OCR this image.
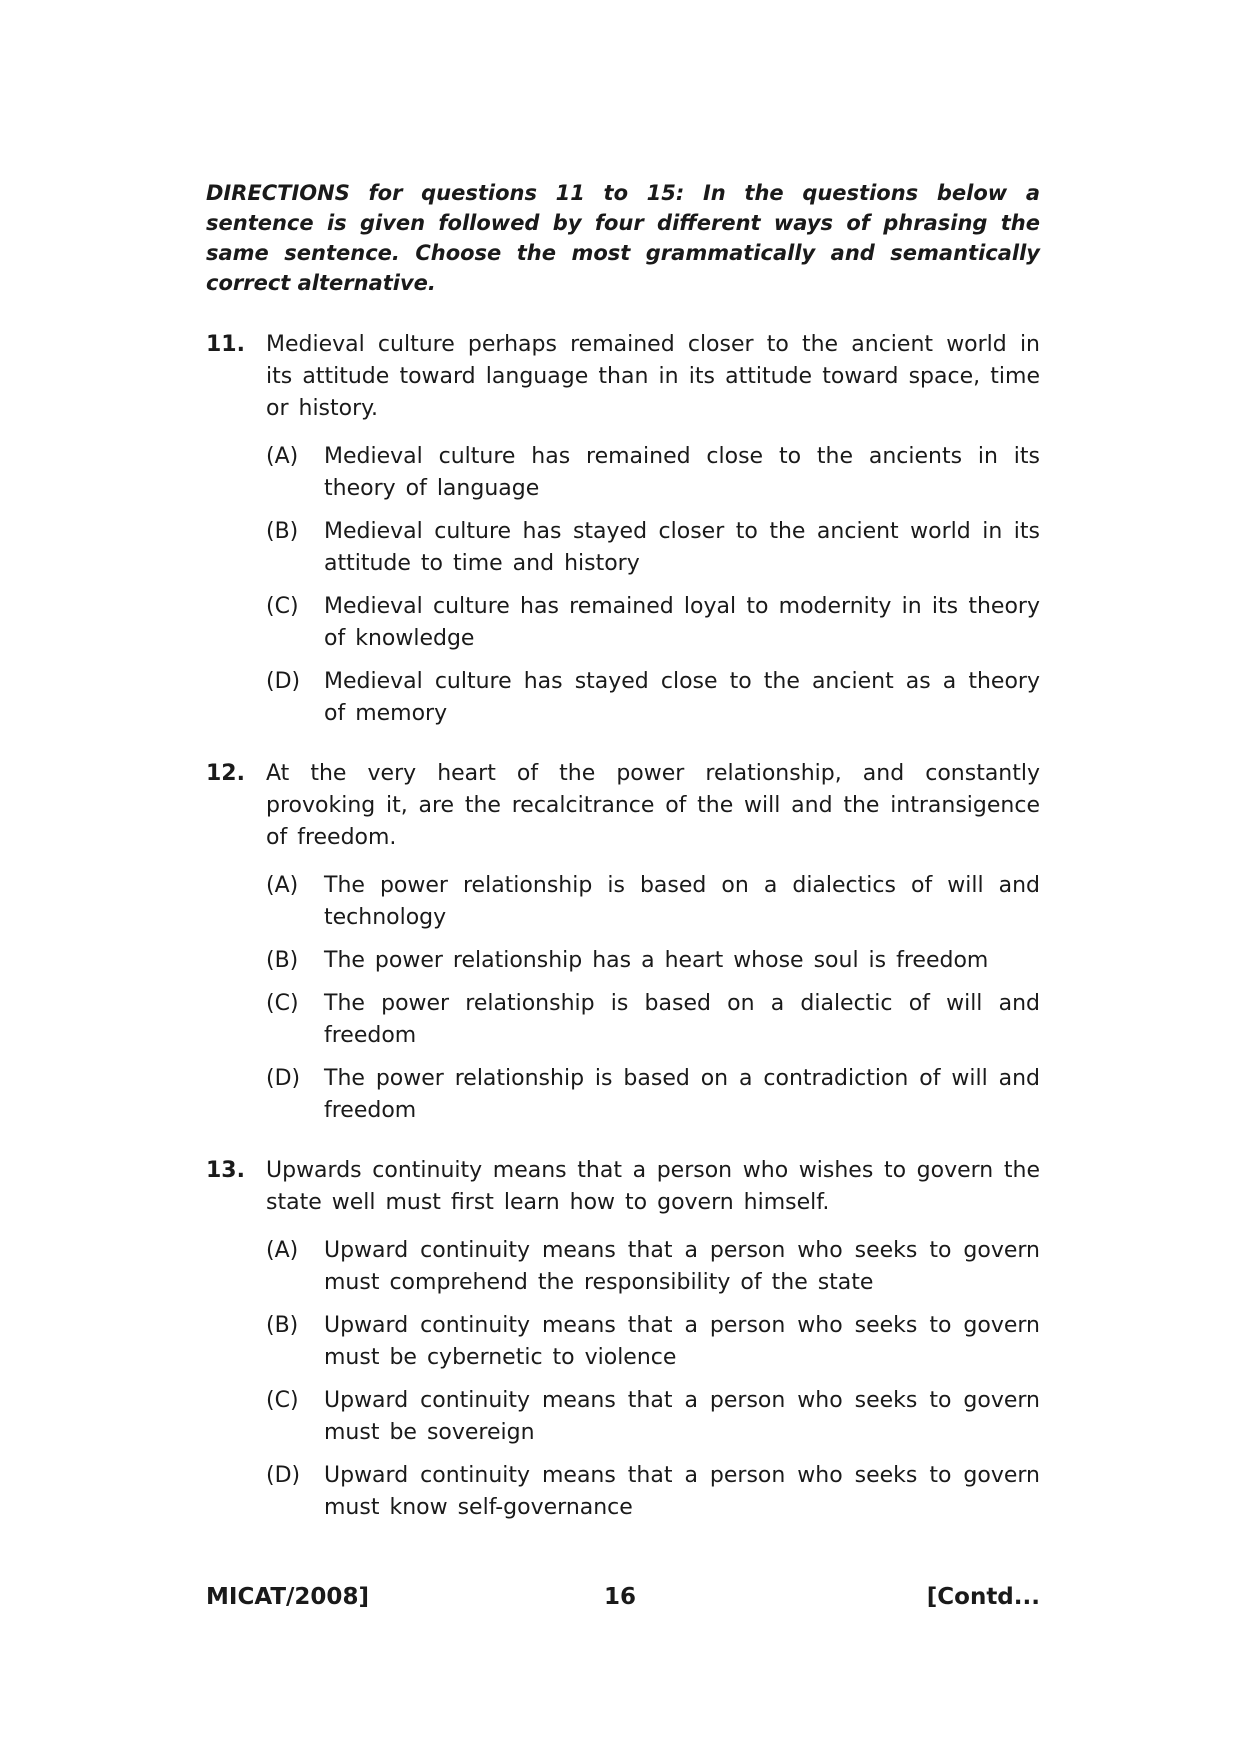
DIRECTIONS for questions 11 to 15: In the questions below a sentence is given followed by four different ways of phrasing the same sentence. Choose the most grammatically and semantically correct alternative.

11. Medieval culture perhaps remained closer to the ancient world in its attitude toward language than in its attitude toward space, time or history.
(A)	Medieval culture has remained close to the ancients in its theory of language
(B)	Medieval culture has stayed closer to the ancient world in its attitude to time and history
(C)	Medieval culture has remained loyal to modernity in its theory of knowledge
(D)	Medieval culture has stayed close to the ancient as a theory of memory
12. At the very heart of the power relationship, and constantly provoking it, are the recalcitrance of the will and the intransigence of freedom.
(A)	The power relationship is based on a dialectics of will and technology
(B)	The power relationship has a heart whose soul is freedom
(C)	The power relationship is based on a dialectic of will and freedom
(D)	The power relationship is based on a contradiction of will and freedom
13. Upwards continuity means that a person who wishes to govern the state well must first learn how to govern himself.
(A)	Upward continuity means that a person who seeks to govern must comprehend the responsibility of the state
(B)	Upward continuity means that a person who seeks to govern must be cybernetic to violence
(C)	Upward continuity means that a person who seeks to govern must be sovereign
(D)	Upward continuity means that a person who seeks to govern must know self-governance
MICAT/2008]	16	[Contd...
